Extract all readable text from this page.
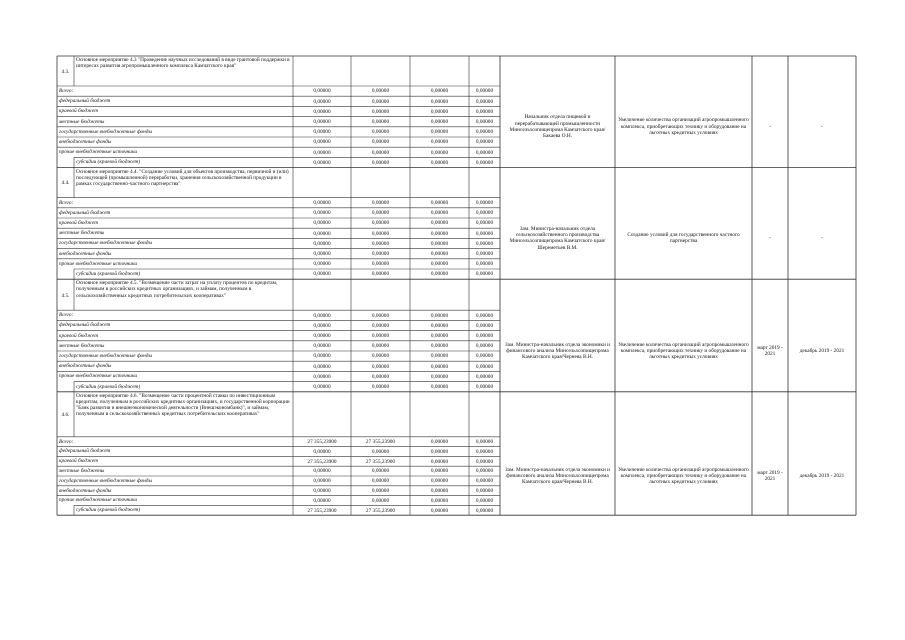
4.3.
Основное мероприятие 4.3 "Проведение научных исследований в виде грантовой поддержки в интересах развития агропромышленного комплекса Камчатского края"
Всего:	0,00000	0,00000	0,00000	0,00000
федеральный бюджет	0,00000	0,00000	0,00000	0,00000
краевой бюджет	0,00000	0,00000	0,00000	0,00000
местные бюджеты	0,00000	0,00000	0,00000	0,00000
государственные внебюджетные фонды	0,00000	0,00000	0,00000	0,00000
внебюджетные фонды	0,00000	0,00000	0,00000	0,00000
прочие внебюджетные источники	0,00000	0,00000	0,00000	0,00000
субсидии (краевой бюджет)	0,00000	0,00000	0,00000	0,00000
Начальник отдела пищевой и перерабатывающей промышленности Минсельхозпищепрома Камчатского края/ Бакаева О.Н.
Увеличение количества организаций агропромышленного комплекса, приобретающих технику и оборудование на льготных кредитных условиях
-	-
4.4.
Основное мероприятие 4.4. "Создание условий для объектов производства, первичной и (или) последующей (промышленной) переработки, хранения сельскохозяйственной продукции в рамках государственно-частного партнерства"
Всего:	0,00000	0,00000	0,00000	0,00000
федеральный бюджет	0,00000	0,00000	0,00000	0,00000
краевой бюджет	0,00000	0,00000	0,00000	0,00000
местные бюджеты	0,00000	0,00000	0,00000	0,00000
государственные внебюджетные фонды	0,00000	0,00000	0,00000	0,00000
внебюджетные фонды	0,00000	0,00000	0,00000	0,00000
прочие внебюджетные источники	0,00000	0,00000	0,00000	0,00000
субсидии (краевой бюджет)	0,00000	0,00000	0,00000	0,00000
Зам. Министра-начальник отдела сельскохозяйственного производства Минсельхозпищепрома Камчатского края/Шереметьев В.М.
Создание условий для государственного частного партнерства
-	-
4.5.
Основное мероприятие 4.5. "Возмещение части затрат на уплату процентов по кредитам, полученным в российских кредитных организациях, и займам, полученным в сельскохозяйственных кредитных потребительских кооперативах"
Всего:	0,00000	0,00000	0,00000	0,00000
федеральный бюджет	0,00000	0,00000	0,00000	0,00000
краевой бюджет	0,00000	0,00000	0,00000	0,00000
местные бюджеты	0,00000	0,00000	0,00000	0,00000
государственные внебюджетные фонды	0,00000	0,00000	0,00000	0,00000
внебюджетные фонды	0,00000	0,00000	0,00000	0,00000
прочие внебюджетные источники	0,00000	0,00000	0,00000	0,00000
субсидии (краевой бюджет)	0,00000	0,00000	0,00000	0,00000
Зам. Министра-начальник отдела экономики и финансового анализа Минсельхозпищепрома Камчатского края/Чернева В.Н.
Увеличение количества организаций агропромышленного комплекса, приобретающих технику и оборудование на льготных кредитных условиях
март 2019 - 2021
декабрь 2019 - 2021
4.6.
Основное мероприятие 4.6. "Возмещение части процентной ставки по инвестиционным кредитам, полученным в российских кредитных организациях, и государственной корпорации "Банк развития и внешнеэкономической деятельности (Внешэкономбанк)", и займам, полученным в сельскохозяйственных кредитных потребительских кооперативах"
Всего:	27 355,23900	27 355,23900	0,00000	0,00000
федеральный бюджет	0,00000	0,00000	0,00000	0,00000
краевой бюджет	27 355,23900	27 355,23900	0,00000	0,00000
местные бюджеты	0,00000	0,00000	0,00000	0,00000
государственные внебюджетные фонды	0,00000	0,00000	0,00000	0,00000
внебюджетные фонды	0,00000	0,00000	0,00000	0,00000
прочие внебюджетные источники	0,00000	0,00000	0,00000	0,00000
субсидии (краевой бюджет)	27 355,23900	27 355,23900	0,00000	0,00000
Зам. Министра-начальник отдела экономики и финансового анализа Минсельхозпищепрома Камчатского края/Чернева В.Н.
Увеличение количества организаций агропромышленного комплекса, приобретающих технику и оборудование на льготных кредитных условиях
март 2019 - 2021
декабрь 2019 - 2021
